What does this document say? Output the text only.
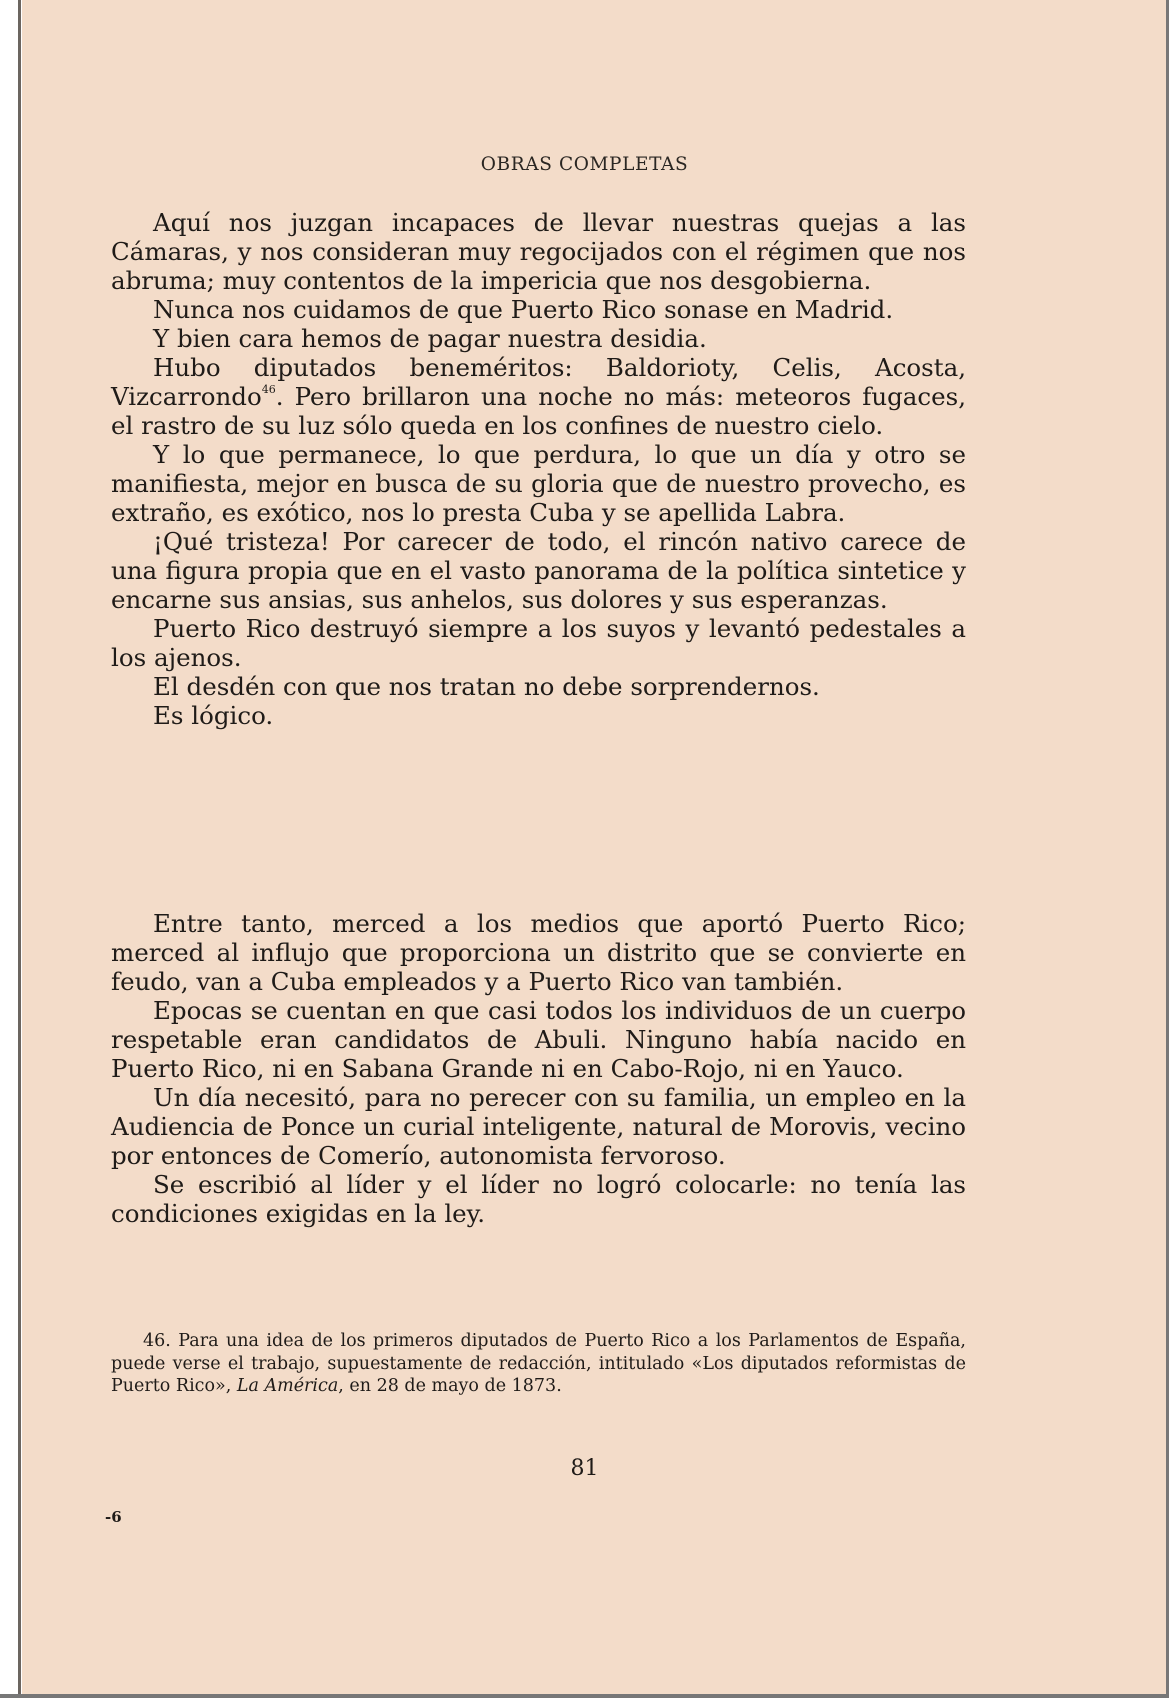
OBRAS COMPLETAS

Aquí nos juzgan incapaces de llevar nuestras quejas a las Cámaras, y nos consideran muy regocijados con el régimen que nos abruma; muy contentos de la impericia que nos desgobierna.

Nunca nos cuidamos de que Puerto Rico sonase en Madrid.

Y bien cara hemos de pagar nuestra desidia.

Hubo diputados beneméritos: Baldorioty, Celis, Acosta, Vizcarrondo$^{46}$. Pero brillaron una noche no más: meteoros fugaces, el rastro de su luz sólo queda en los confines de nuestro cielo.

Y lo que permanece, lo que perdura, lo que un día y otro se manifiesta, mejor en busca de su gloria que de nuestro provecho, es extraño, es exótico, nos lo presta Cuba y se apellida Labra.

¡Qué tristeza! Por carecer de todo, el rincón nativo carece de una figura propia que en el vasto panorama de la política sintetice y encarne sus ansias, sus anhelos, sus dolores y sus esperanzas.

Puerto Rico destruyó siempre a los suyos y levantó pedestales a los ajenos.

El desdén con que nos tratan no debe sorprendernos.

Es lógico.

Entre tanto, merced a los medios que aportó Puerto Rico; merced al influjo que proporciona un distrito que se convierte en feudo, van a Cuba empleados y a Puerto Rico van también.

Epocas se cuentan en que casi todos los individuos de un cuerpo respetable eran candidatos de Abuli. Ninguno había nacido en Puerto Rico, ni en Sabana Grande ni en Cabo-Rojo, ni en Yauco.

Un día necesitó, para no perecer con su familia, un empleo en la Audiencia de Ponce un curial inteligente, natural de Morovis, vecino por entonces de Comerío, autonomista fervoroso.

Se escribió al líder y el líder no logró colocarle: no tenía las condiciones exigidas en la ley.

46. Para una idea de los primeros diputados de Puerto Rico a los Parlamentos de España, puede verse el trabajo, supuestamente de redacción, intitulado «Los diputados reformistas de Puerto Rico», La América, en 28 de mayo de 1873.

81
-6
